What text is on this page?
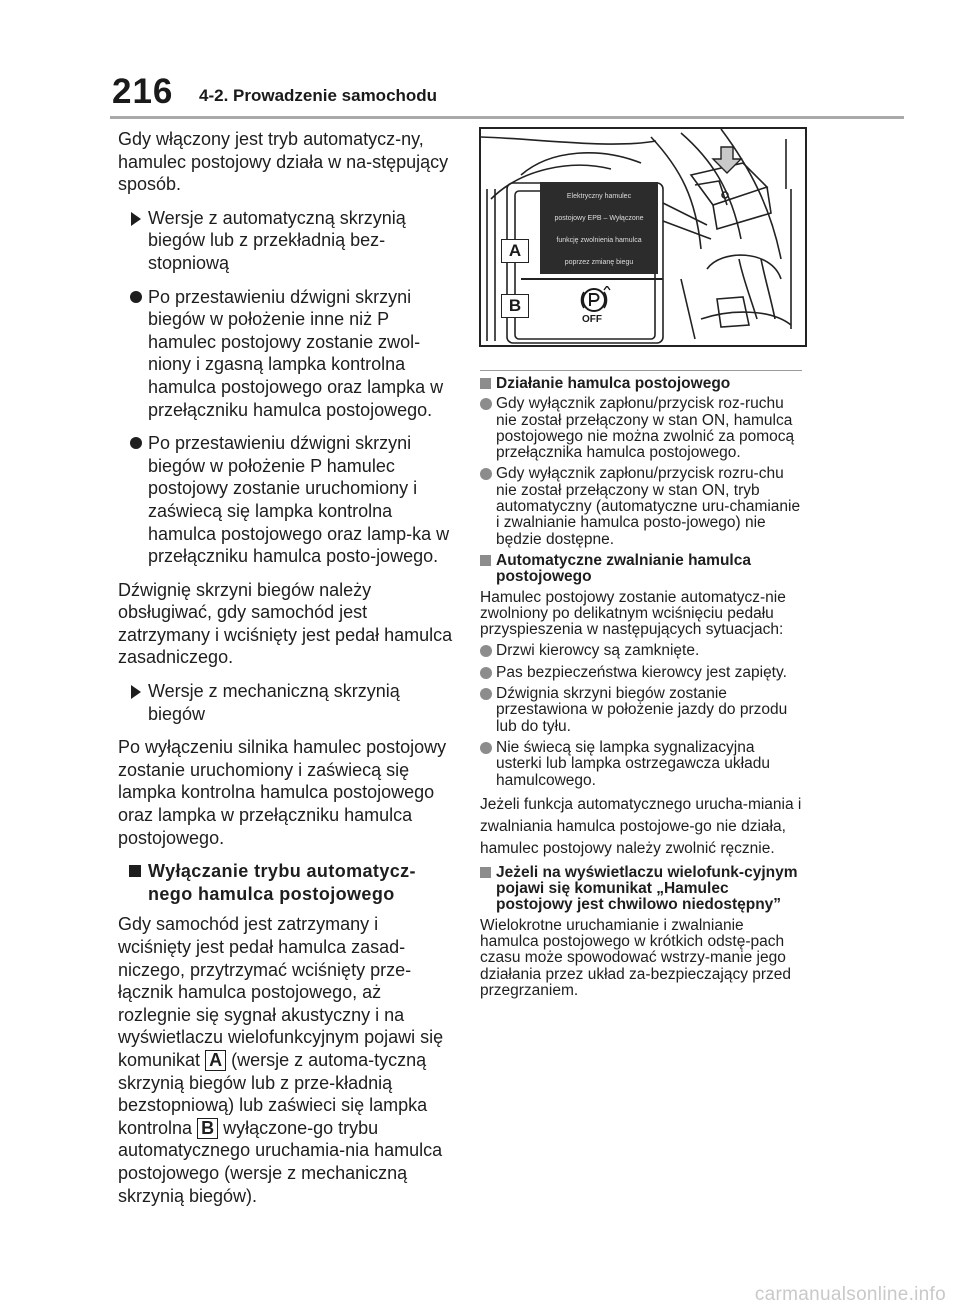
216 4-2. Prowadzenie samochodu

Gdy włączony jest tryb automatycz-ny, hamulec postojowy działa w na-stępujący sposób.

Wersje z automatyczną skrzynią biegów lub z przekładnią bez-stopniową
Po przestawieniu dźwigni skrzyni biegów w położenie inne niż P hamulec postojowy zostanie zwol-niony i zgasną lampka kontrolna hamulca postojowego oraz lampka w przełączniku hamulca postojowego.
Po przestawieniu dźwigni skrzyni biegów w położenie P hamulec postojowy zostanie uruchomiony i zaświecą się lampka kontrolna hamulca postojowego oraz lamp-ka w przełączniku hamulca posto-jowego.

Dźwignię skrzyni biegów należy obsługiwać, gdy samochód jest zatrzymany i wciśnięty jest pedał hamulca zasadniczego.

Wersje z mechaniczną skrzynią biegów

Po wyłączeniu silnika hamulec postojowy zostanie uruchomiony i zaświecą się lampka kontrolna hamulca postojowego oraz lampka w przełączniku hamulca postojowego.

Wyłączanie trybu automatycz-nego hamulca postojowego

Gdy samochód jest zatrzymany i wciśnięty jest pedał hamulca zasad-niczego, przytrzymać wciśnięty prze-łącznik hamulca postojowego, aż rozlegnie się sygnał akustyczny i na wyświetlaczu wielofunkcyjnym pojawi się komunikat A (wersje z automa-tyczną skrzynią biegów lub z prze-kładnią bezstopniową) lub zaświeci się lampka kontrolna B wyłączone-go trybu automatycznego uruchamia-nia hamulca postojowego (wersje z mechaniczną skrzynią biegów).

Elektryczny hamulec
postojowy EPB – Wyłączone
funkcję zwolnienia hamulca
poprzez zmianę biegu
A
B
OFF
Działanie hamulca postojowego
Gdy wyłącznik zapłonu/przycisk roz-ruchu nie został przełączony w stan ON, hamulca postojowego nie można zwolnić za pomocą przełącznika hamulca postojowego.
Gdy wyłącznik zapłonu/przycisk rozru-chu nie został przełączony w stan ON, tryb automatyczny (automatyczne uru-chamianie i zwalnianie hamulca posto-jowego) nie będzie dostępne.
Automatyczne zwalnianie hamulca postojowego

Hamulec postojowy zostanie automatycz-nie zwolniony po delikatnym wciśnięciu pedału przyspieszenia w następujących sytuacjach:

Drzwi kierowcy są zamknięte.
Pas bezpieczeństwa kierowcy jest zapięty.
Dźwignia skrzyni biegów zostanie przestawiona w położenie jazdy do przodu lub do tyłu.
Nie świecą się lampka sygnalizacyjna usterki lub lampka ostrzegawcza układu hamulcowego.

Jeżeli funkcja automatycznego urucha-miania i zwalniania hamulca postojowe-go nie działa, hamulec postojowy należy zwolnić ręcznie.

Jeżeli na wyświetlaczu wielofunk-cyjnym pojawi się komunikat „Hamulec postojowy jest chwilowo niedostępny”

Wielokrotne uruchamianie i zwalnianie hamulca postojowego w krótkich odstę-pach czasu może spowodować wstrzy-manie jego działania przez układ za-bezpieczający przed przegrzaniem.

carmanualsonline.info
